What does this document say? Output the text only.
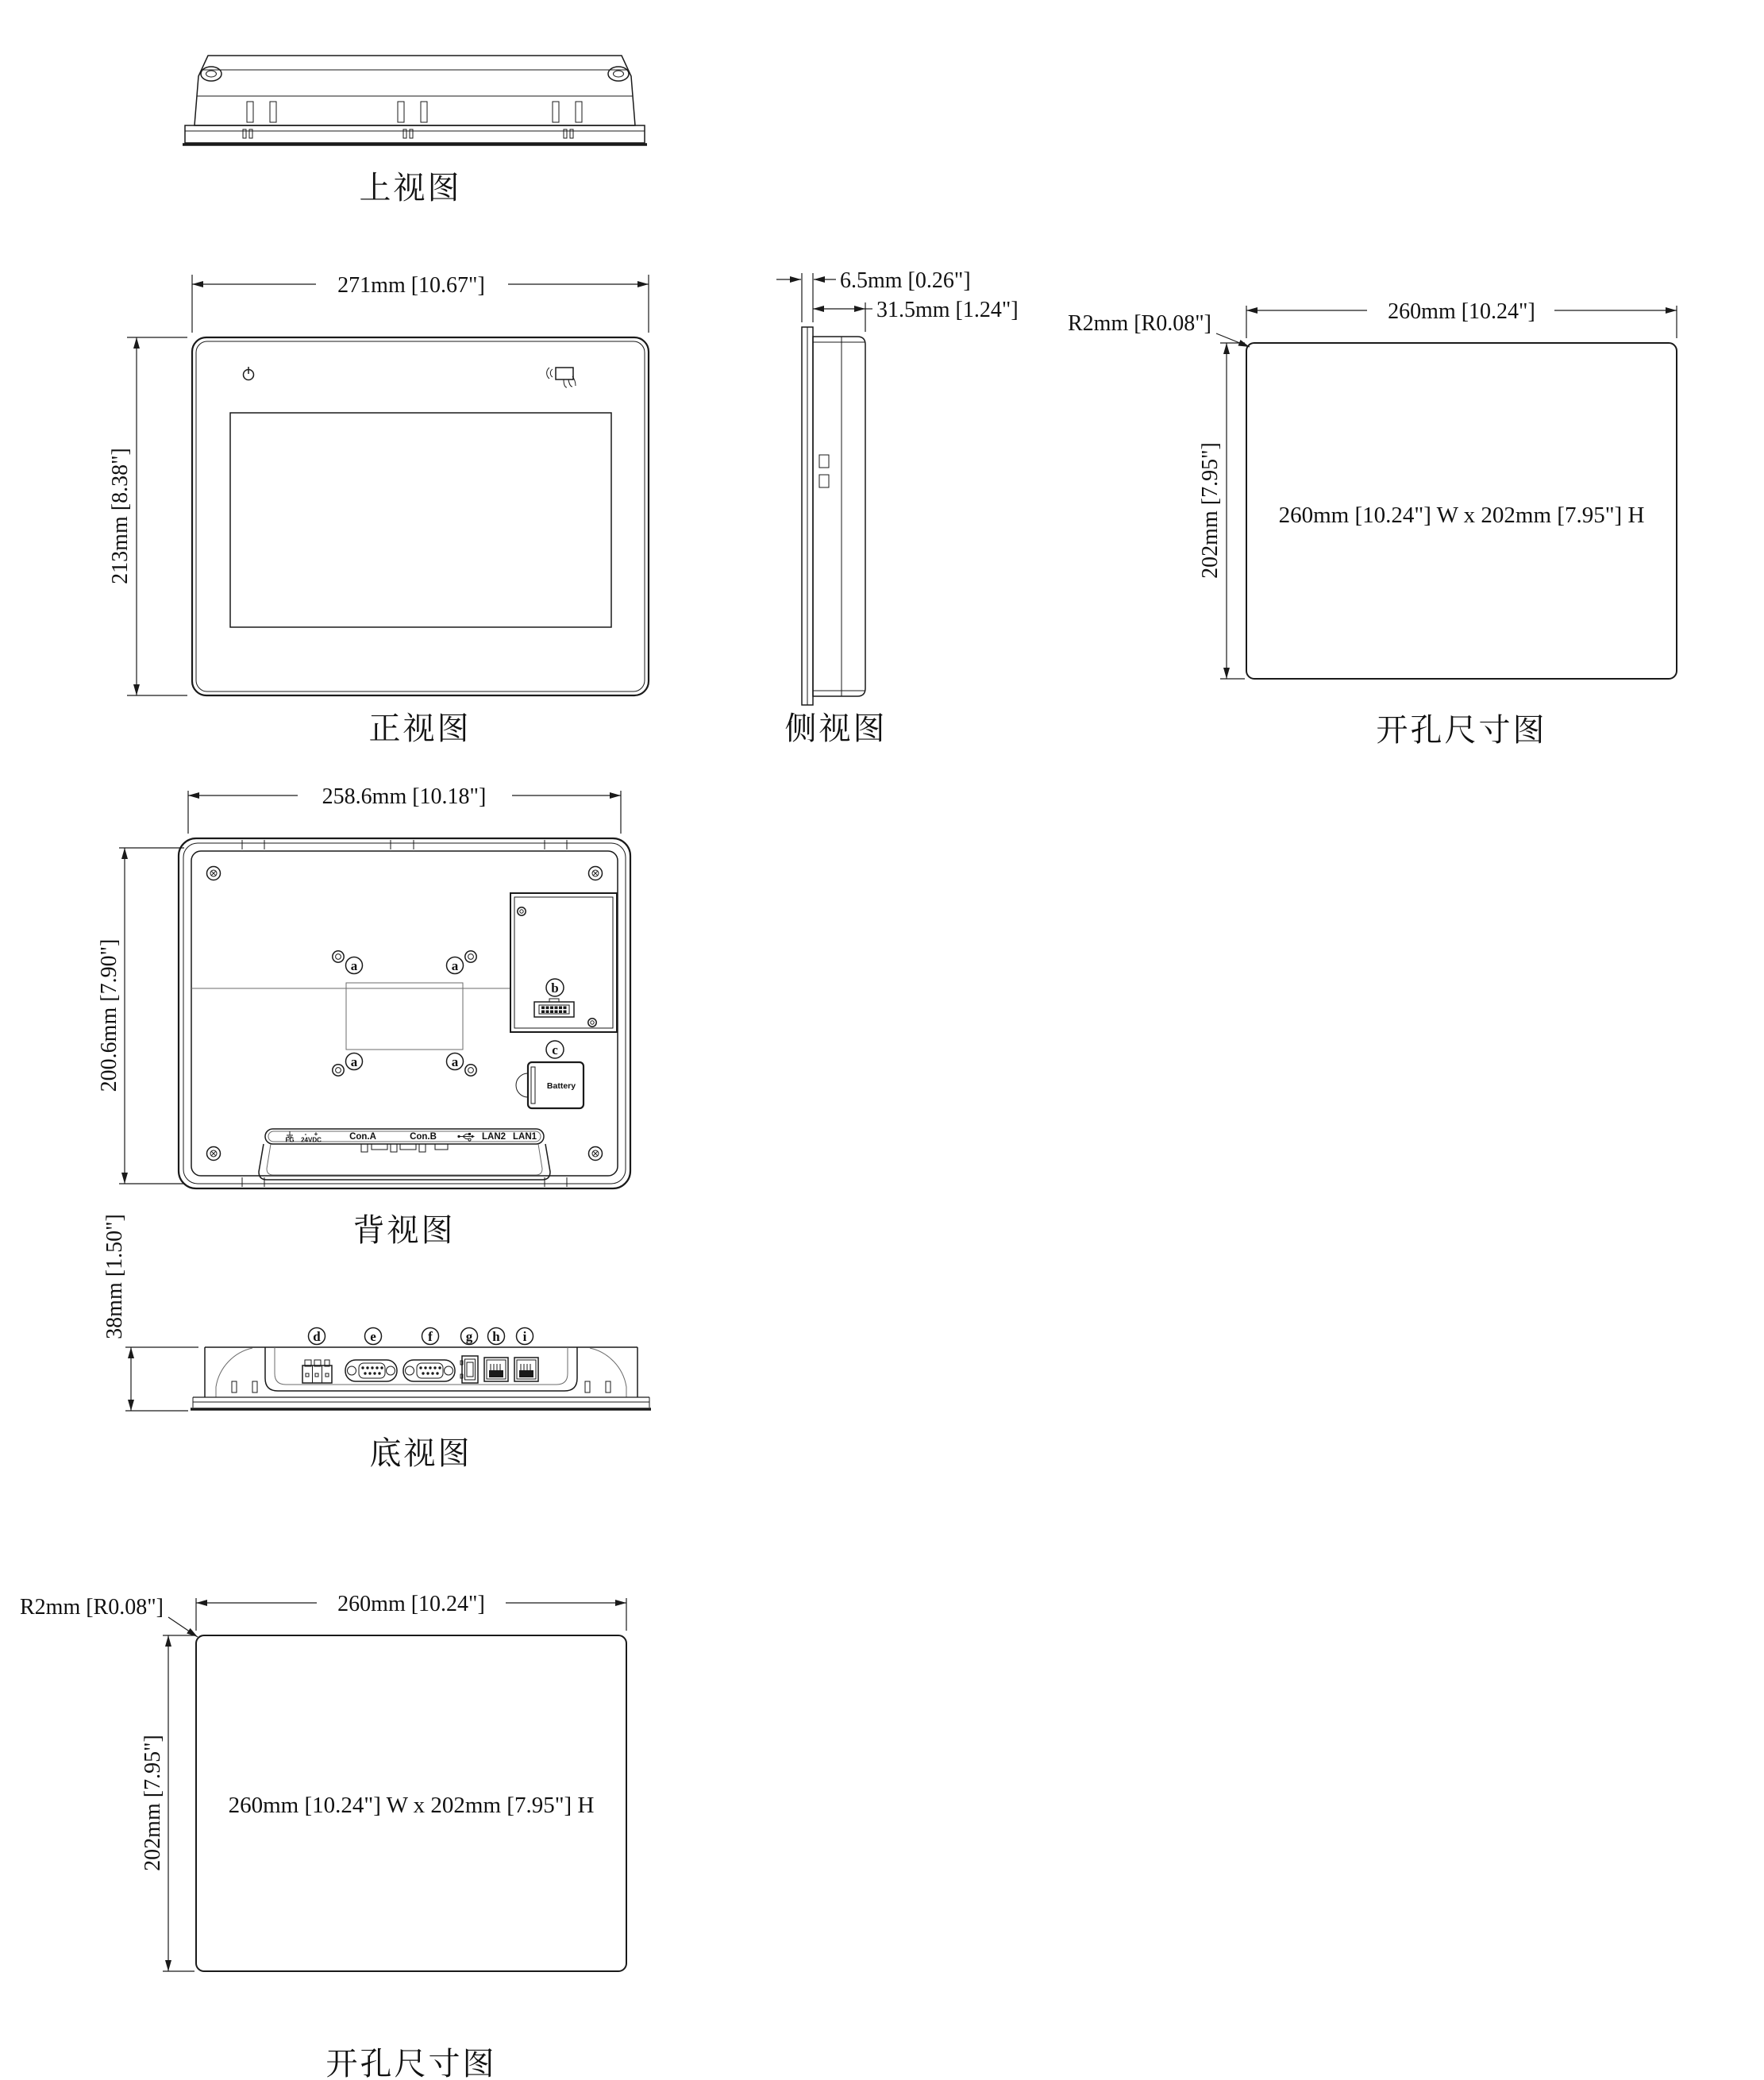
上视图
271mm [10.67"]
213mm [8.38"]
正视图
6.5mm [0.26"]
31.5mm [1.24"]
侧视图
260mm [10.24"]
202mm [7.95"]
R2mm [R0.08"]
260mm [10.24"] W x 202mm [7.95"] H
开孔尺寸图
a	a
a	a
b
c
Battery
FG
- +
24VDC	Con.A	Con.B	LAN2 LAN1
258.6mm [10.18"]
200.6mm [7.90"]
背视图
d	e	f g h i
38mm [1.50"]
底视图
260mm [10.24"]
202mm [7.95"]
R2mm [R0.08"]
260mm [10.24"] W x 202mm [7.95"] H
开孔尺寸图
